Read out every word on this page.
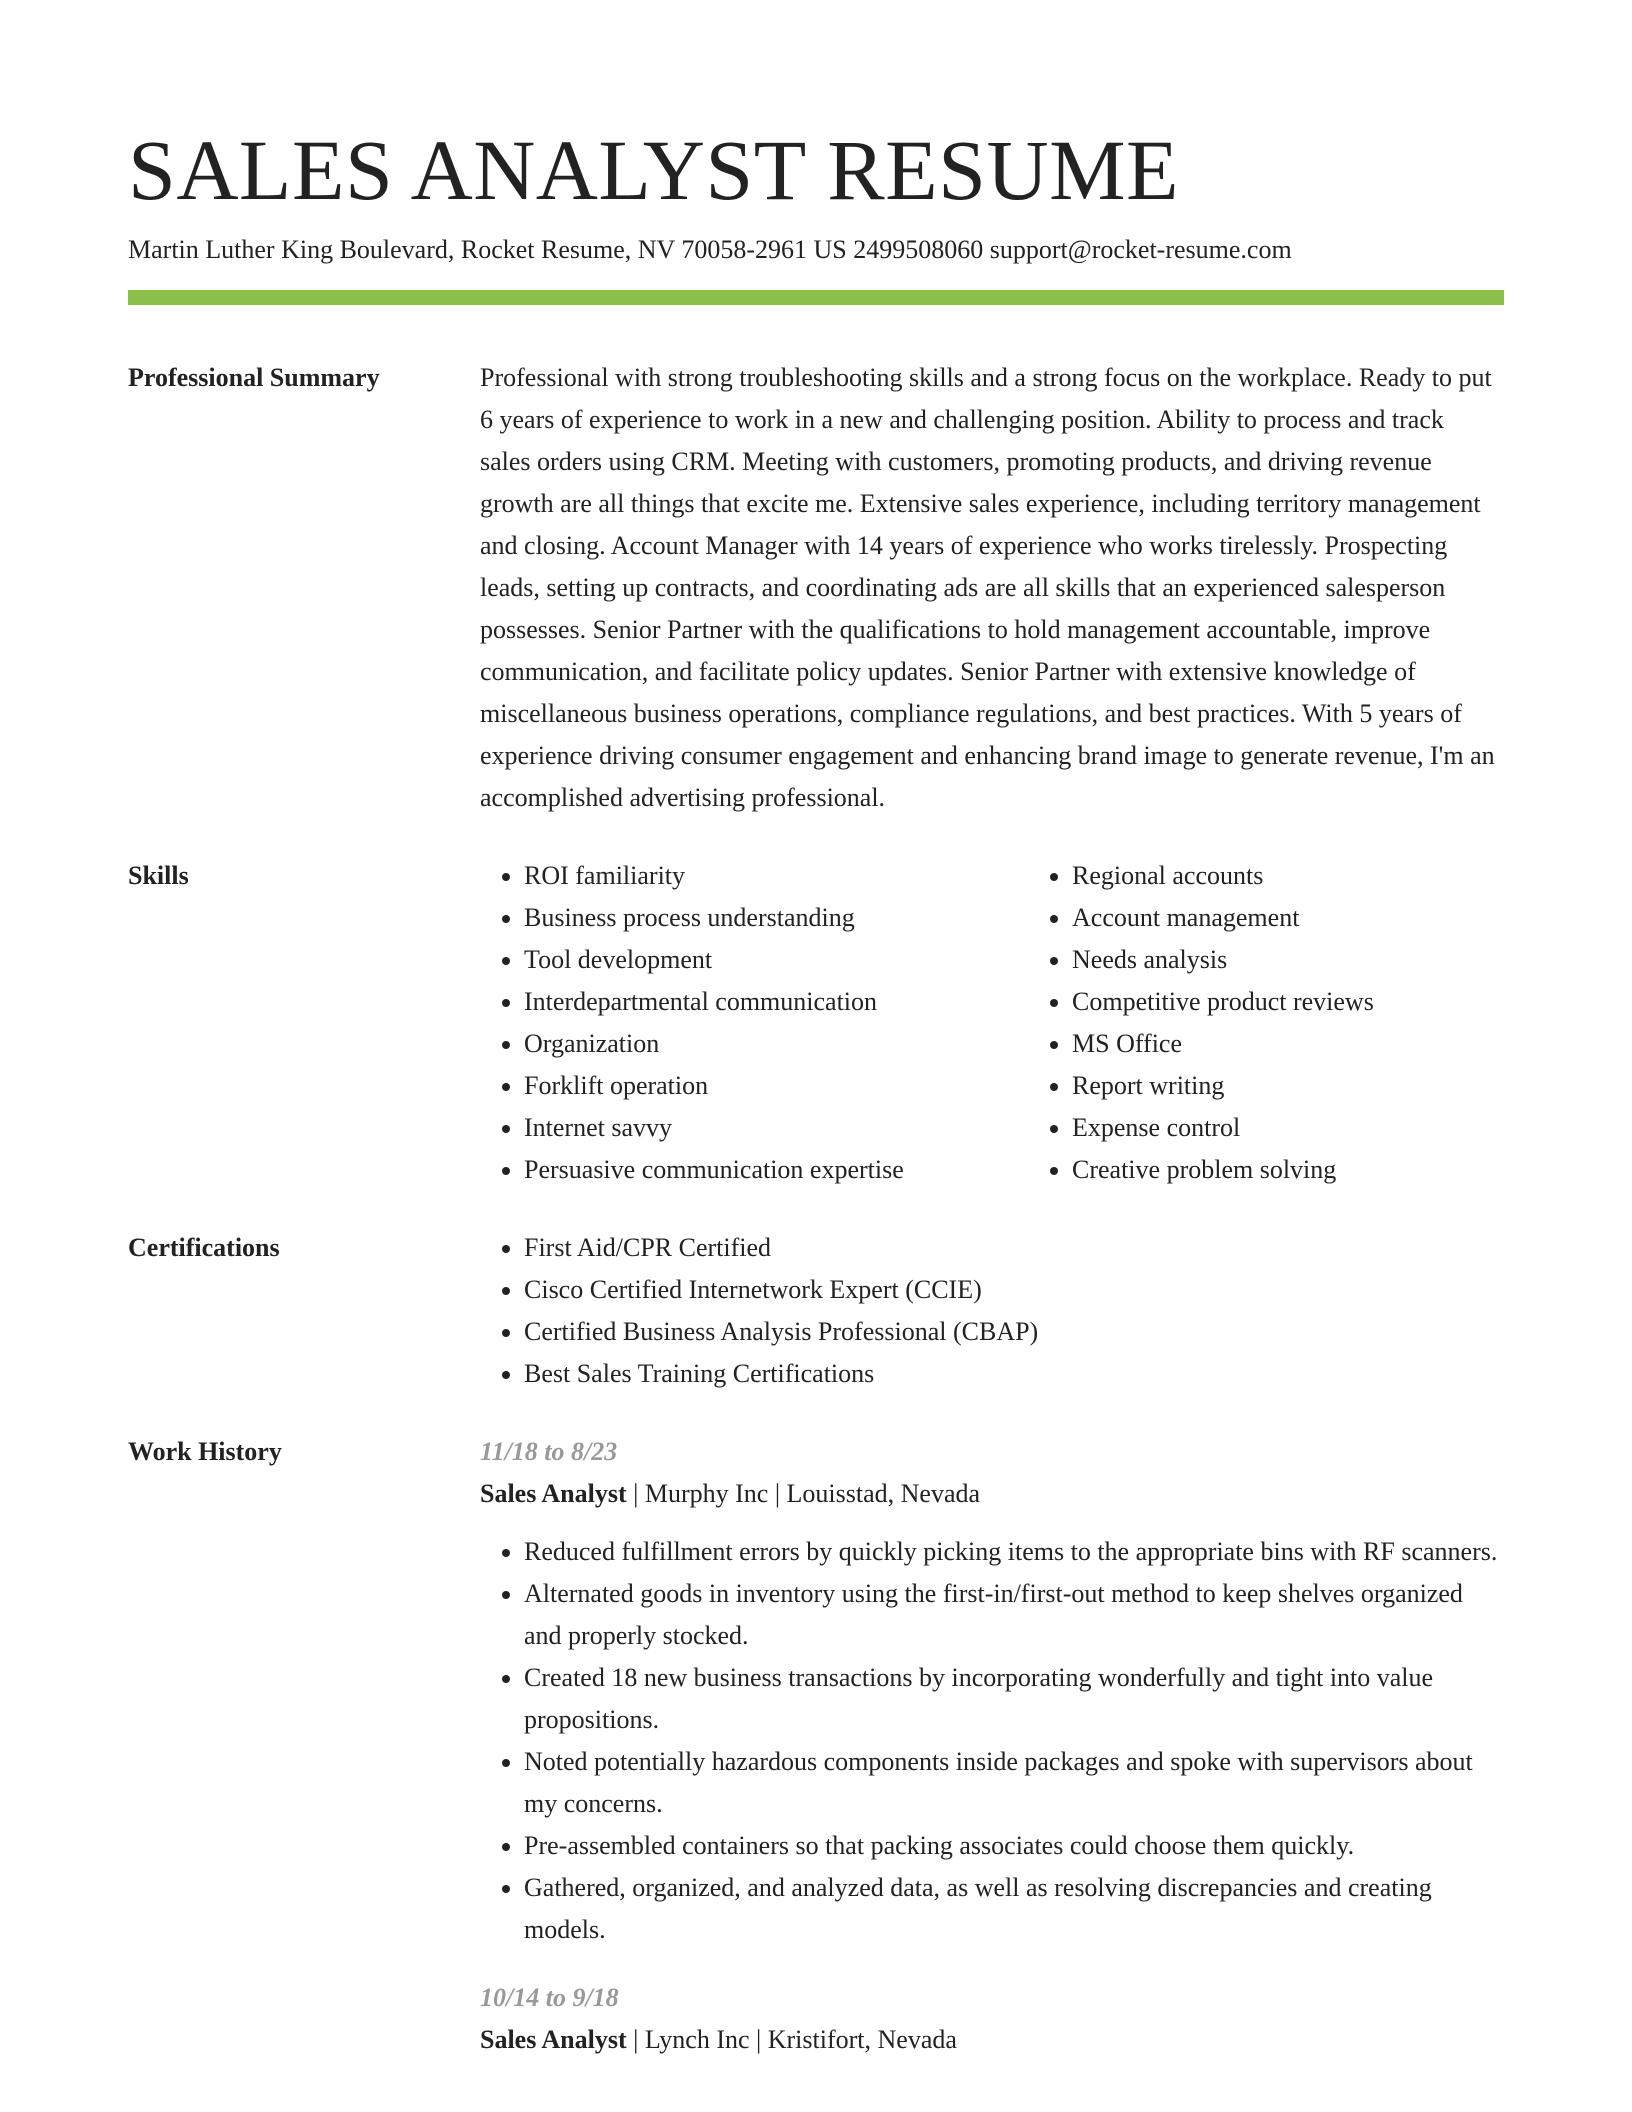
SALES ANALYST RESUME
Martin Luther King Boulevard, Rocket Resume, NV 70058-2961 US 2499508060 support@rocket-resume.com
Professional Summary	Professional with strong troubleshooting skills and a strong focus on the workplace. Ready to put 6 years of experience to work in a new and challenging position. Ability to process and track sales orders using CRM. Meeting with customers, promoting products, and driving revenue growth are all things that excite me. Extensive sales experience, including territory management and closing. Account Manager with 14 years of experience who works tirelessly. Prospecting leads, setting up contracts, and coordinating ads are all skills that an experienced salesperson possesses. Senior Partner with the qualifications to hold management accountable, improve communication, and facilitate policy updates. Senior Partner with extensive knowledge of miscellaneous business operations, compliance regulations, and best practices. With 5 years of experience driving consumer engagement and enhancing brand image to generate revenue, I'm an accomplished advertising professional.

Skills	• ROI familiarity
• Business process understanding
• Tool development
• Interdepartmental communication
• Organization
• Forklift operation
• Internet savvy
• Persuasive communication expertise
• Regional accounts
• Account management
• Needs analysis
• Competitive product reviews
• MS Office
• Report writing
• Expense control
• Creative problem solving
Certifications	• First Aid/CPR Certified
• Cisco Certified Internetwork Expert (CCIE)
• Certified Business Analysis Professional (CBAP)
• Best Sales Training Certifications
Work History	11/18 to 8/23
Sales Analyst | Murphy Inc | Louisstad, Nevada
• Reduced fulfillment errors by quickly picking items to the appropriate bins with RF scanners.
• Alternated goods in inventory using the first-in/first-out method to keep shelves organized and properly stocked.
• Created 18 new business transactions by incorporating wonderfully and tight into value propositions.
• Noted potentially hazardous components inside packages and spoke with supervisors about my concerns.
• Pre-assembled containers so that packing associates could choose them quickly.
• Gathered, organized, and analyzed data, as well as resolving discrepancies and creating models.
10/14 to 9/18
Sales Analyst | Lynch Inc | Kristifort, Nevada
